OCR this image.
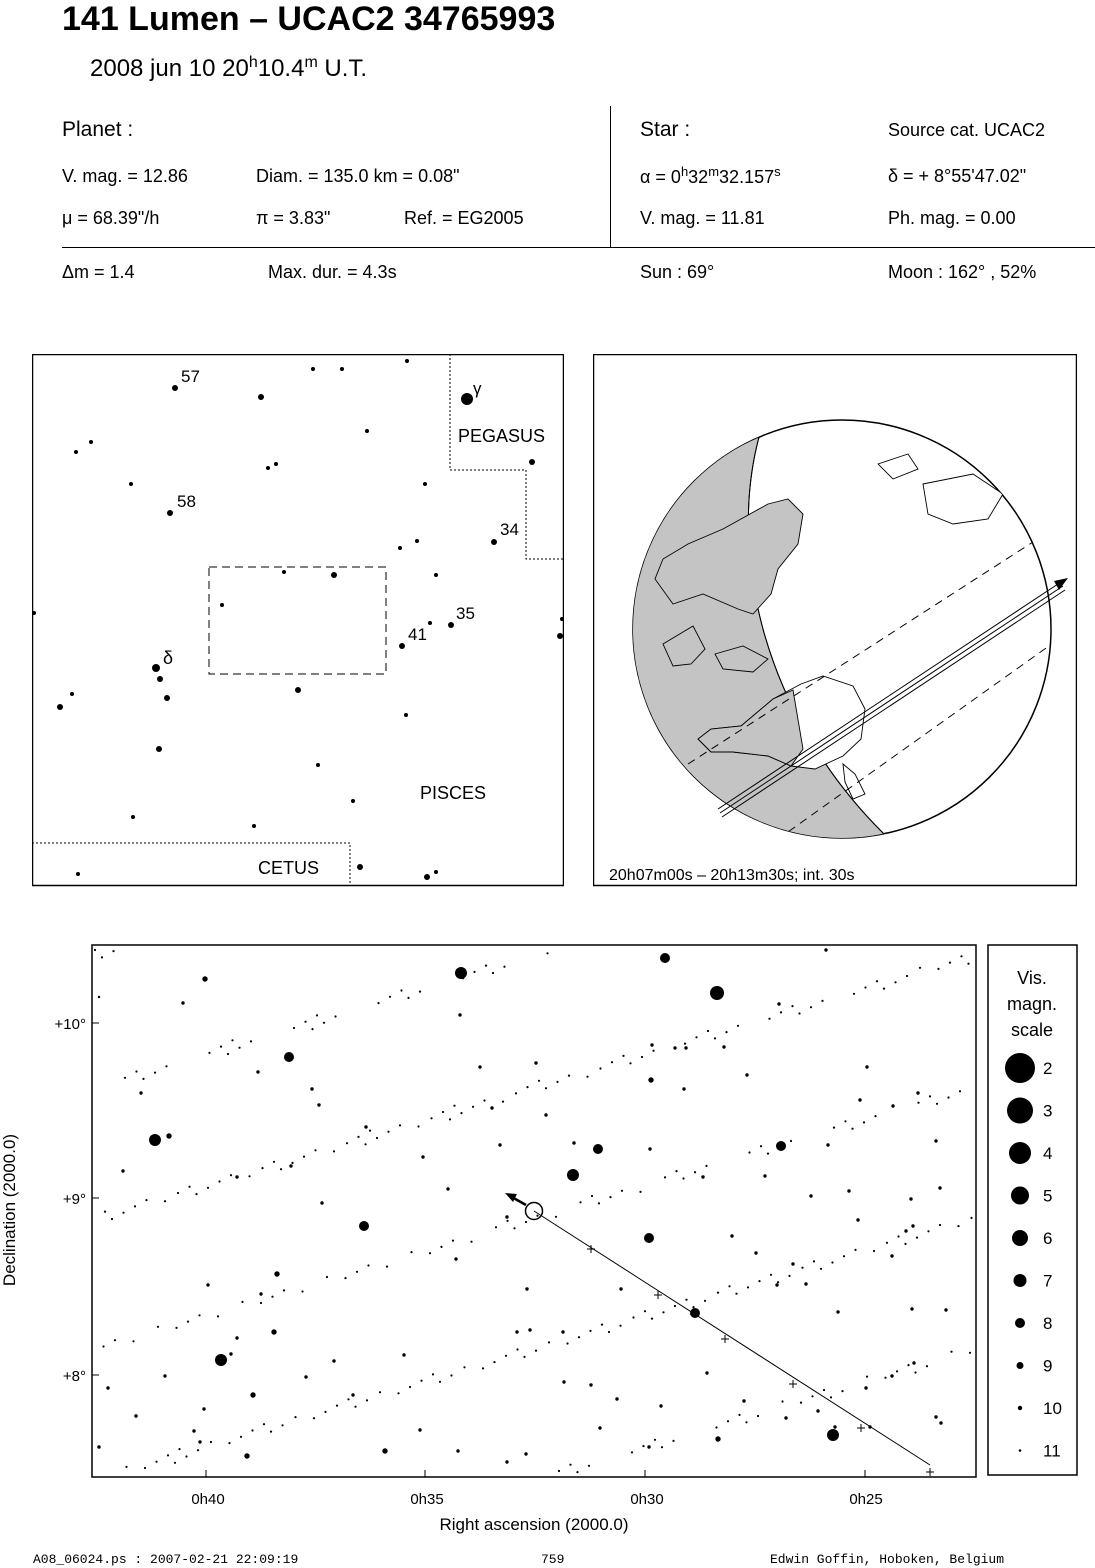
141 Lumen – UCAC2 34765993
2008 jun 10 20$^h$10.4$^m$ U.T.
Planet :
V. mag. = 12.86	Diam. = 135.0 km = 0.08"
μ = 68.39"/h	π = 3.83"	Ref. = EG2005
Star :	Source cat. UCAC2
$\alpha = 0^h32^m32.157^s$	δ = + 8°55'47.02"
V. mag. = 11.81	Ph. mag. = 0.00
Δm = 1.4	Max. dur. = 4.3s	Sun : 69°	Moon : 162° , 52%
57
58
34
35
41
δ
γ
PEGASUS
PISCES
CETUS	20h07m00s – 20h13m30s; int. 30s
+10°
+9°
+8°
0h40	0h35	0h30	0h25
Right ascension (2000.0)
Declination (2000.0)
Vis.
magn.
scale
2
3
4
5
6
7
8
9
10
11
A08_06024.ps : 2007-02-21 22:09:19	759	Edwin Goffin, Hoboken, Belgium
